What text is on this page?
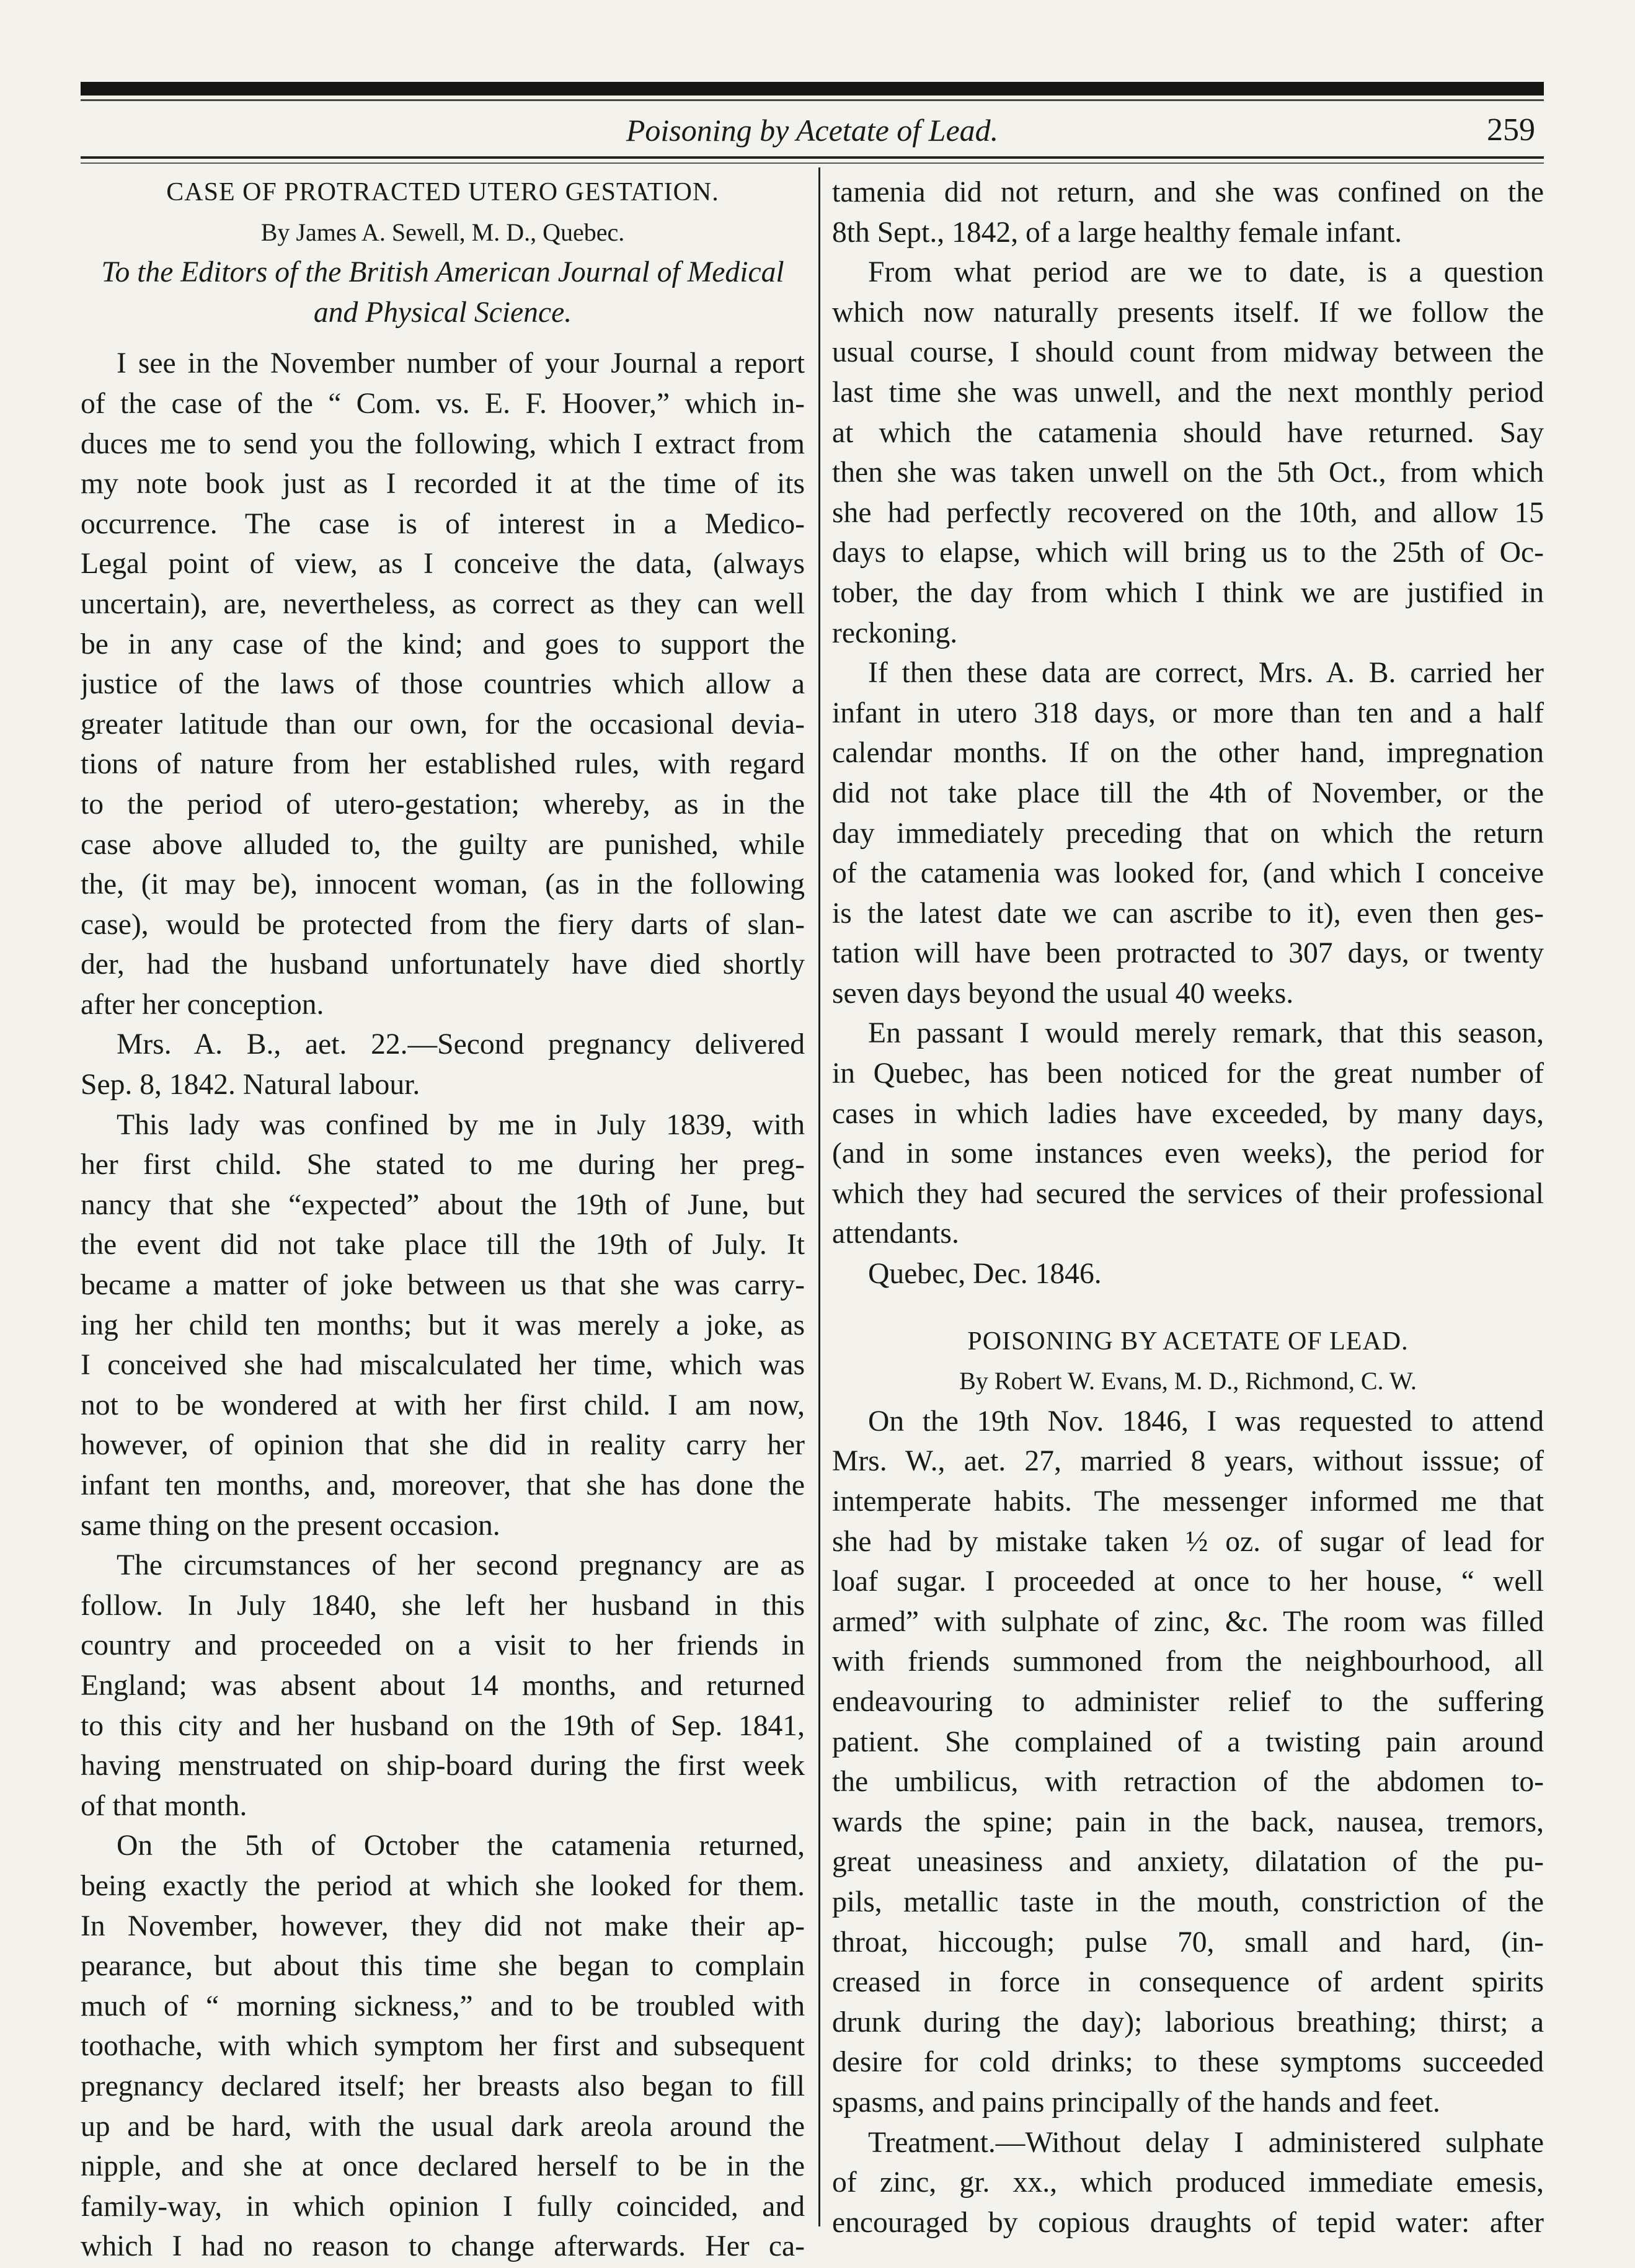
Poisoning by Acetate of Lead.	259
CASE OF PROTRACTED UTERO GESTATION.
By James A. Sewell, M. D., Quebec.
To the Editors of the British American Journal of Medical
and Physical Science.
I see in the November number of your Journal a report
of the case of the “ Com. vs. E. F. Hoover,” which in-
duces me to send you the following, which I extract from
my note book just as I recorded it at the time of its
occurrence. The case is of interest in a Medico-
Legal point of view, as I conceive the data, (always
uncertain), are, nevertheless, as correct as they can well
be in any case of the kind; and goes to support the
justice of the laws of those countries which allow a
greater latitude than our own, for the occasional devia-
tions of nature from her established rules, with regard
to the period of utero-gestation; whereby, as in the
case above alluded to, the guilty are punished, while
the, (it may be), innocent woman, (as in the following
case), would be protected from the fiery darts of slan-
der, had the husband unfortunately have died shortly
after her conception.
Mrs. A. B., aet. 22.—Second pregnancy delivered
Sep. 8, 1842. Natural labour.
This lady was confined by me in July 1839, with
her first child. She stated to me during her preg-
nancy that she “expected” about the 19th of June, but
the event did not take place till the 19th of July. It
became a matter of joke between us that she was carry-
ing her child ten months; but it was merely a joke, as
I conceived she had miscalculated her time, which was
not to be wondered at with her first child. I am now,
however, of opinion that she did in reality carry her
infant ten months, and, moreover, that she has done the
same thing on the present occasion.
The circumstances of her second pregnancy are as
follow. In July 1840, she left her husband in this
country and proceeded on a visit to her friends in
England; was absent about 14 months, and returned
to this city and her husband on the 19th of Sep. 1841,
having menstruated on ship-board during the first week
of that month.
On the 5th of October the catamenia returned,
being exactly the period at which she looked for them.
In November, however, they did not make their ap-
pearance, but about this time she began to complain
much of “ morning sickness,” and to be troubled with
toothache, with which symptom her first and subsequent
pregnancy declared itself; her breasts also began to fill
up and be hard, with the usual dark areola around the
nipple, and she at once declared herself to be in the
family-way, in which opinion I fully coincided, and
which I had no reason to change afterwards. Her ca-
tamenia did not return, and she was confined on the
8th Sept., 1842, of a large healthy female infant.
From what period are we to date, is a question
which now naturally presents itself. If we follow the
usual course, I should count from midway between the
last time she was unwell, and the next monthly period
at which the catamenia should have returned. Say
then she was taken unwell on the 5th Oct., from which
she had perfectly recovered on the 10th, and allow 15
days to elapse, which will bring us to the 25th of Oc-
tober, the day from which I think we are justified in
reckoning.
If then these data are correct, Mrs. A. B. carried her
infant in utero 318 days, or more than ten and a half
calendar months. If on the other hand, impregnation
did not take place till the 4th of November, or the
day immediately preceding that on which the return
of the catamenia was looked for, (and which I conceive
is the latest date we can ascribe to it), even then ges-
tation will have been protracted to 307 days, or twenty
seven days beyond the usual 40 weeks.
En passant I would merely remark, that this season,
in Quebec, has been noticed for the great number of
cases in which ladies have exceeded, by many days,
(and in some instances even weeks), the period for
which they had secured the services of their professional
attendants.
Quebec, Dec. 1846.
POISONING BY ACETATE OF LEAD.
By Robert W. Evans, M. D., Richmond, C. W.
On the 19th Nov. 1846, I was requested to attend
Mrs. W., aet. 27, married 8 years, without isssue; of
intemperate habits. The messenger informed me that
she had by mistake taken ½ oz. of sugar of lead for
loaf sugar. I proceeded at once to her house, “ well
armed” with sulphate of zinc, &c. The room was filled
with friends summoned from the neighbourhood, all
endeavouring to administer relief to the suffering
patient. She complained of a twisting pain around
the umbilicus, with retraction of the abdomen to-
wards the spine; pain in the back, nausea, tremors,
great uneasiness and anxiety, dilatation of the pu-
pils, metallic taste in the mouth, constriction of the
throat, hiccough; pulse 70, small and hard, (in-
creased in force in consequence of ardent spirits
drunk during the day); laborious breathing; thirst; a
desire for cold drinks; to these symptoms succeeded
spasms, and pains principally of the hands and feet.
Treatment.—Without delay I administered sulphate
of zinc, gr. xx., which produced immediate emesis,
encouraged by copious draughts of tepid water: after
